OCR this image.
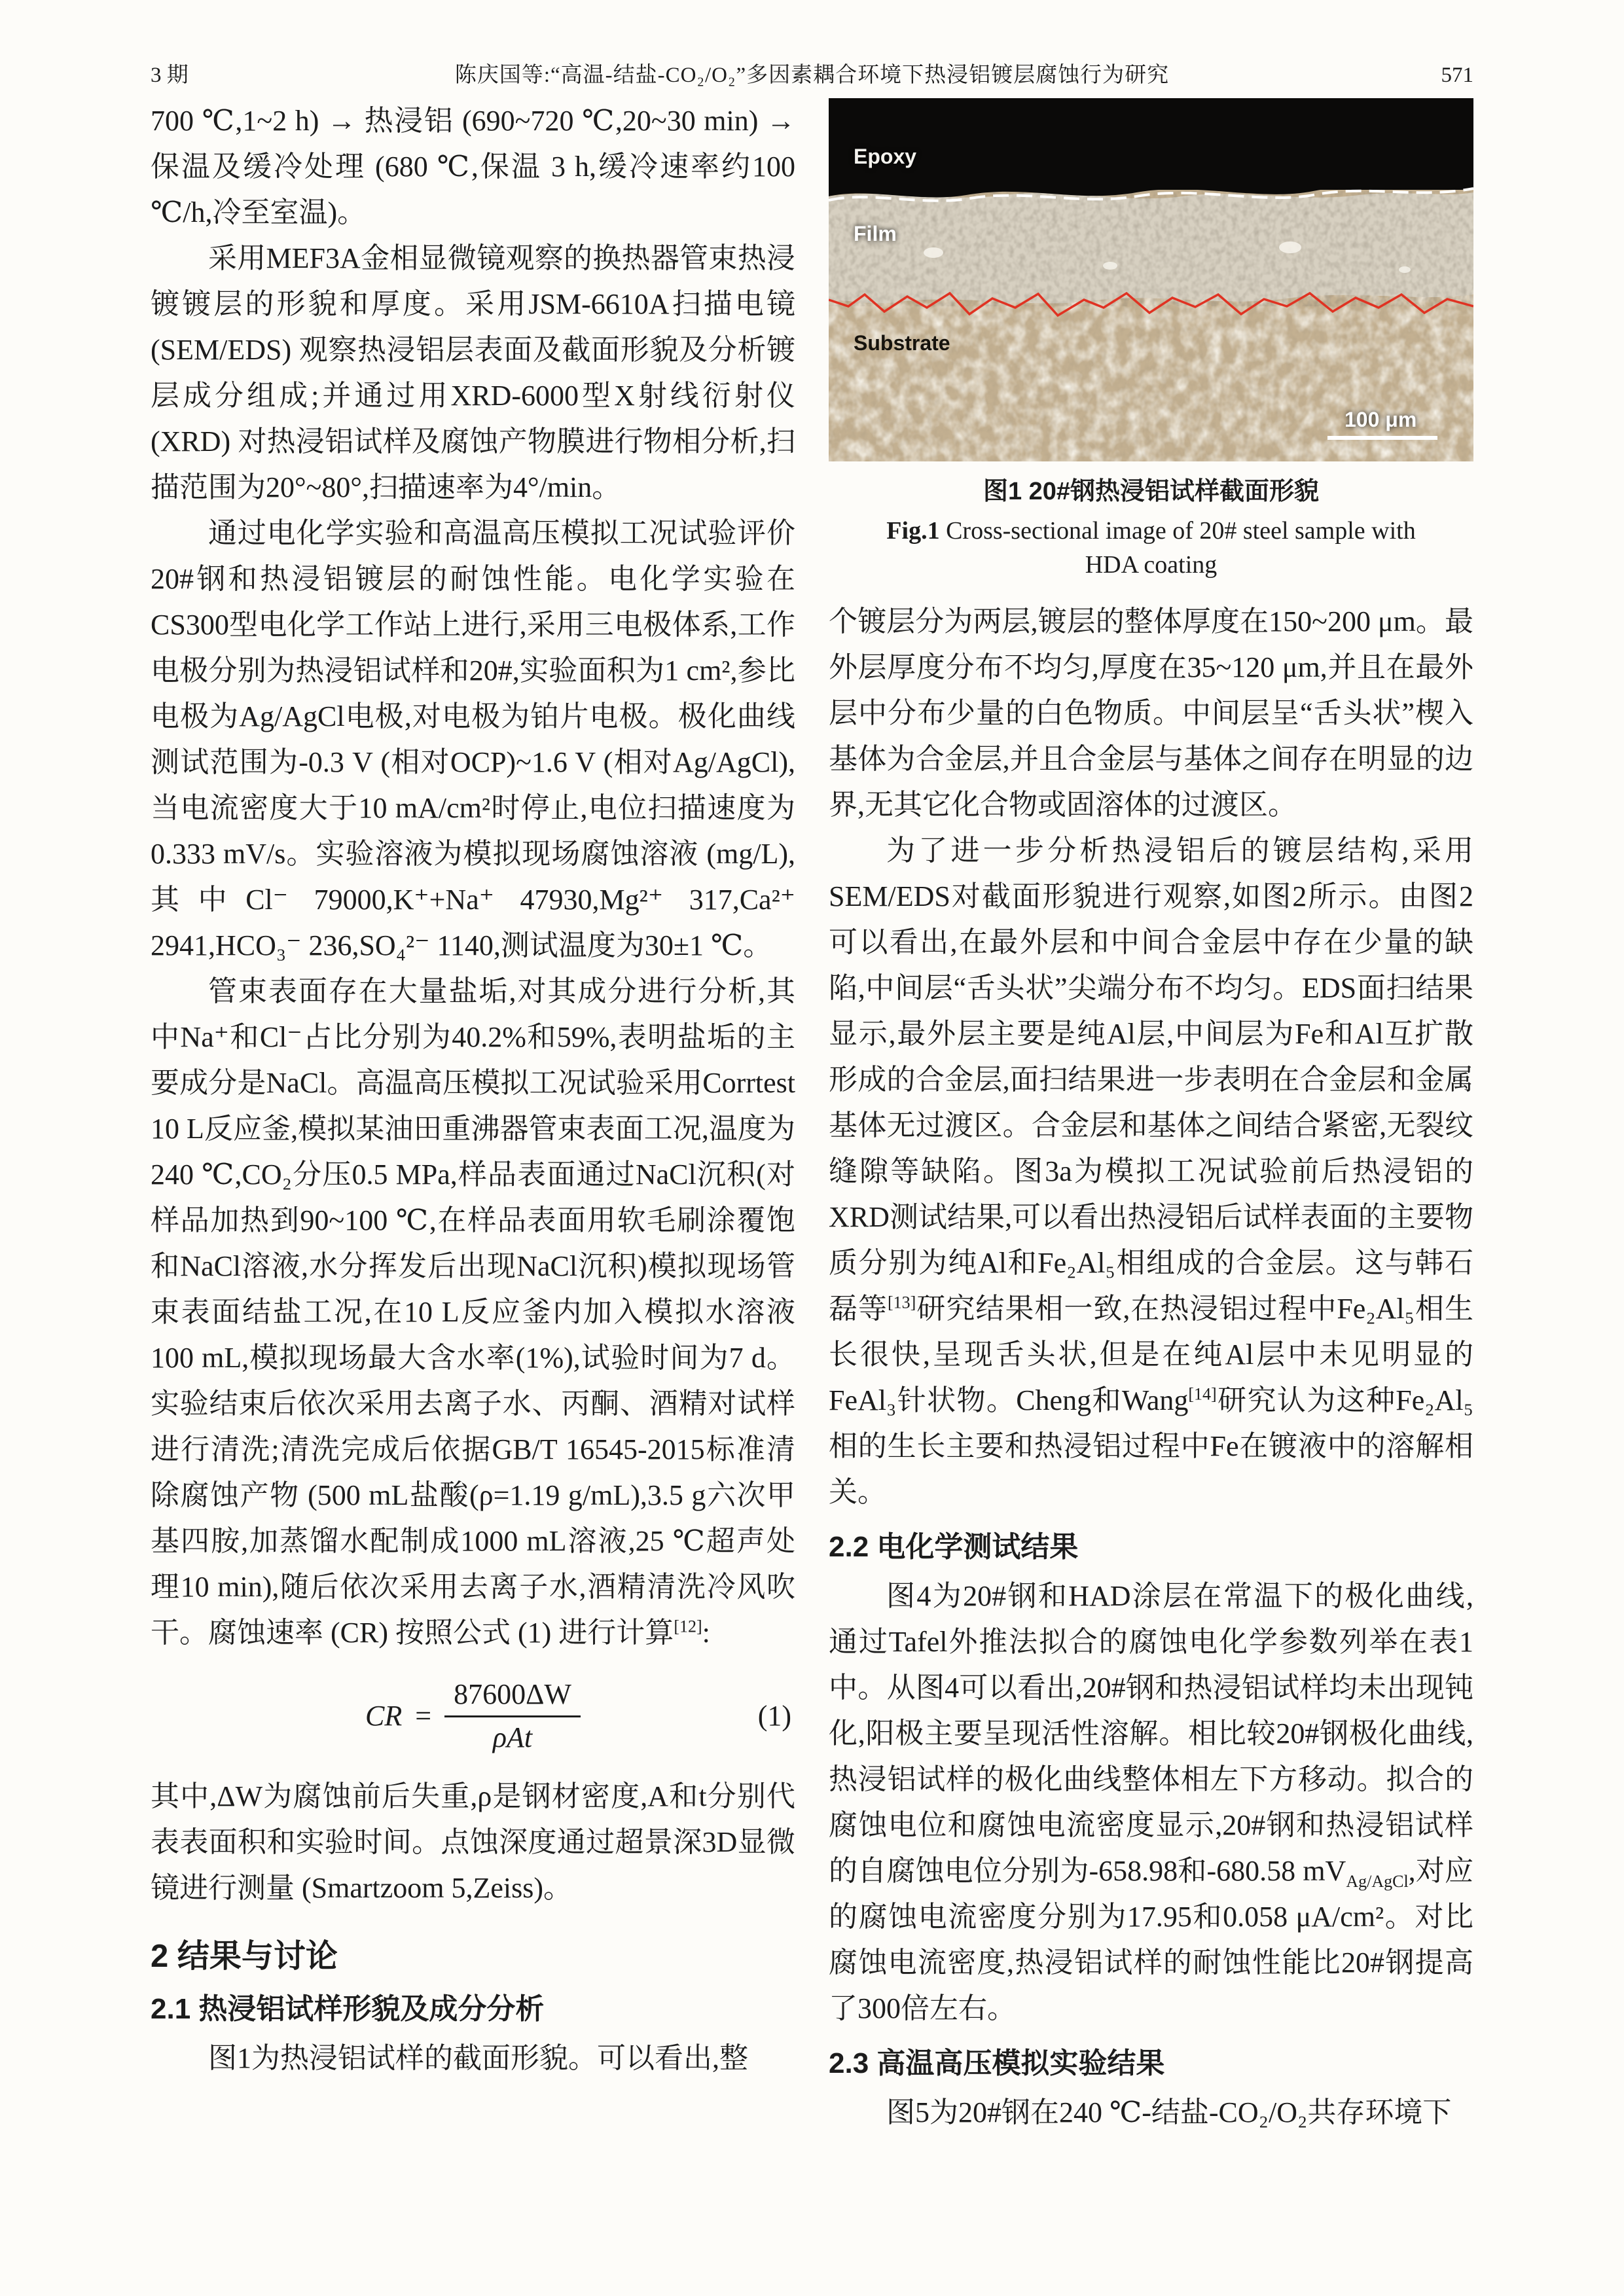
3 期	陈庆国等:“高温-结盐-CO₂/O₂”多因素耦合环境下热浸铝镀层腐蚀行为研究	571

700 ℃,1~2 h) → 热浸铝 (690~720 ℃,20~30 min) → 保温及缓冷处理 (680 ℃,保温 3 h,缓冷速率约100 ℃/h,冷至室温)。

采用MEF3A金相显微镜观察的换热器管束热浸镀镀层的形貌和厚度。采用JSM-6610A扫描电镜 (SEM/EDS) 观察热浸铝层表面及截面形貌及分析镀层成分组成;并通过用XRD-6000型X射线衍射仪 (XRD) 对热浸铝试样及腐蚀产物膜进行物相分析,扫描范围为20°~80°,扫描速率为4°/min。

通过电化学实验和高温高压模拟工况试验评价20#钢和热浸铝镀层的耐蚀性能。电化学实验在CS300型电化学工作站上进行,采用三电极体系,工作电极分别为热浸铝试样和20#,实验面积为1 cm²,参比电极为Ag/AgCl电极,对电极为铂片电极。极化曲线测试范围为-0.3 V (相对OCP)~1.6 V (相对Ag/AgCl),当电流密度大于10 mA/cm²时停止,电位扫描速度为0.333 mV/s。实验溶液为模拟现场腐蚀溶液 (mg/L),其中Cl⁻ 79000,K⁺+Na⁺ 47930,Mg²⁺ 317,Ca²⁺ 2941,HCO₃⁻ 236,SO₄²⁻ 1140,测试温度为30±1 ℃。

管束表面存在大量盐垢,对其成分进行分析,其中Na⁺和Cl⁻占比分别为40.2%和59%,表明盐垢的主要成分是NaCl。高温高压模拟工况试验采用Corrtest 10 L反应釜,模拟某油田重沸器管束表面工况,温度为240 ℃,CO₂分压0.5 MPa,样品表面通过NaCl沉积(对样品加热到90~100 ℃,在样品表面用软毛刷涂覆饱和NaCl溶液,水分挥发后出现NaCl沉积)模拟现场管束表面结盐工况,在10 L反应釜内加入模拟水溶液100 mL,模拟现场最大含水率(1%),试验时间为7 d。实验结束后依次采用去离子水、丙酮、酒精对试样进行清洗;清洗完成后依据GB/T 16545-2015标准清除腐蚀产物 (500 mL盐酸(ρ=1.19 g/mL),3.5 g六次甲基四胺,加蒸馏水配制成1000 mL溶液,25 ℃超声处理10 min),随后依次采用去离子水,酒精清洗冷风吹干。腐蚀速率 (CR) 按照公式 (1) 进行计算[12]:

CR = $\frac{87600\Delta W}{\text{ρAt}}$	(1)

其中,ΔW为腐蚀前后失重,ρ是钢材密度,A和t分别代表表面积和实验时间。点蚀深度通过超景深3D显微镜进行测量 (Smartzoom 5,Zeiss)。

2 结果与讨论
2.1 热浸铝试样形貌及成分分析

图1为热浸铝试样的截面形貌。可以看出,整

Epoxy
Film
Substrate
100 μm
图1 20#钢热浸铝试样截面形貌
Fig.1 Cross-sectional image of 20# steel sample with HDA coating

个镀层分为两层,镀层的整体厚度在150~200 μm。最外层厚度分布不均匀,厚度在35~120 μm,并且在最外层中分布少量的白色物质。中间层呈“舌头状”楔入基体为合金层,并且合金层与基体之间存在明显的边界,无其它化合物或固溶体的过渡区。

为了进一步分析热浸铝后的镀层结构,采用SEM/EDS对截面形貌进行观察,如图2所示。由图2可以看出,在最外层和中间合金层中存在少量的缺陷,中间层“舌头状”尖端分布不均匀。EDS面扫结果显示,最外层主要是纯Al层,中间层为Fe和Al互扩散形成的合金层,面扫结果进一步表明在合金层和金属基体无过渡区。合金层和基体之间结合紧密,无裂纹缝隙等缺陷。图3a为模拟工况试验前后热浸铝的XRD测试结果,可以看出热浸铝后试样表面的主要物质分别为纯Al和Fe₂Al₅相组成的合金层。这与韩石磊等[13]研究结果相一致,在热浸铝过程中Fe₂Al₅相生长很快,呈现舌头状,但是在纯Al层中未见明显的FeAl₃针状物。Cheng和Wang[14]研究认为这种Fe₂Al₅相的生长主要和热浸铝过程中Fe在镀液中的溶解相关。

2.2 电化学测试结果

图4为20#钢和HAD涂层在常温下的极化曲线,通过Tafel外推法拟合的腐蚀电化学参数列举在表1中。从图4可以看出,20#钢和热浸铝试样均未出现钝化,阳极主要呈现活性溶解。相比较20#钢极化曲线,热浸铝试样的极化曲线整体相左下方移动。拟合的腐蚀电位和腐蚀电流密度显示,20#钢和热浸铝试样的自腐蚀电位分别为-658.98和-680.58 $mV_{Ag/AgCl}$,对应的腐蚀电流密度分别为17.95和0.058 μA/cm²。对比腐蚀电流密度,热浸铝试样的耐蚀性能比20#钢提高了300倍左右。

2.3 高温高压模拟实验结果

图5为20#钢在240 ℃-结盐-CO₂/O₂共存环境下
